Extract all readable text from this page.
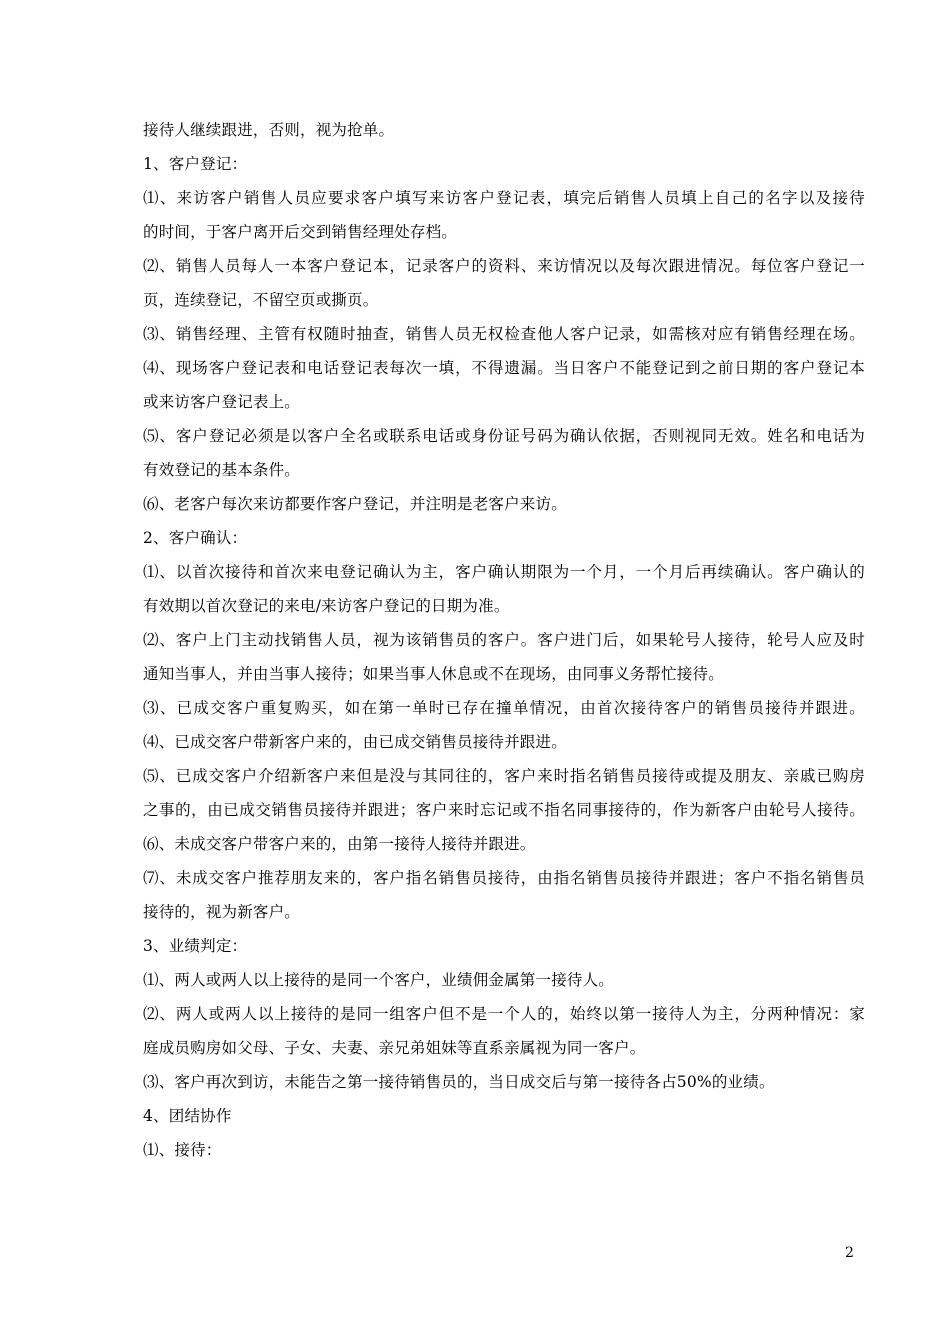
接待人继续跟进，否则，视为抢单。
1、客户登记：
⑴、来访客户销售人员应要求客户填写来访客户登记表，填完后销售人员填上自己的名字以及接待
的时间，于客户离开后交到销售经理处存档。
⑵、销售人员每人一本客户登记本，记录客户的资料、来访情况以及每次跟进情况。每位客户登记一
页，连续登记，不留空页或撕页。
⑶、销售经理、主管有权随时抽查，销售人员无权检查他人客户记录，如需核对应有销售经理在场。
⑷、现场客户登记表和电话登记表每次一填，不得遗漏。当日客户不能登记到之前日期的客户登记本
或来访客户登记表上。
⑸、客户登记必须是以客户全名或联系电话或身份证号码为确认依据，否则视同无效。姓名和电话为
有效登记的基本条件。
⑹、老客户每次来访都要作客户登记，并注明是老客户来访。
2、客户确认：
⑴、以首次接待和首次来电登记确认为主，客户确认期限为一个月，一个月后再续确认。客户确认的
有效期以首次登记的来电/来访客户登记的日期为准。
⑵、客户上门主动找销售人员，视为该销售员的客户。客户进门后，如果轮号人接待，轮号人应及时
通知当事人，并由当事人接待；如果当事人休息或不在现场，由同事义务帮忙接待。
⑶、已成交客户重复购买，如在第一单时已存在撞单情况，由首次接待客户的销售员接待并跟进。
⑷、已成交客户带新客户来的，由已成交销售员接待并跟进。
⑸、已成交客户介绍新客户来但是没与其同往的，客户来时指名销售员接待或提及朋友、亲戚已购房
之事的，由已成交销售员接待并跟进；客户来时忘记或不指名同事接待的，作为新客户由轮号人接待。
⑹、未成交客户带客户来的，由第一接待人接待并跟进。
⑺、未成交客户推荐朋友来的，客户指名销售员接待，由指名销售员接待并跟进；客户不指名销售员
接待的，视为新客户。
3、业绩判定：
⑴、两人或两人以上接待的是同一个客户，业绩佣金属第一接待人。
⑵、两人或两人以上接待的是同一组客户但不是一个人的，始终以第一接待人为主，分两种情况：家
庭成员购房如父母、子女、夫妻、亲兄弟姐妹等直系亲属视为同一客户。
⑶、客户再次到访，未能告之第一接待销售员的，当日成交后与第一接待各占50%的业绩。
4、团结协作
⑴、接待：
2
